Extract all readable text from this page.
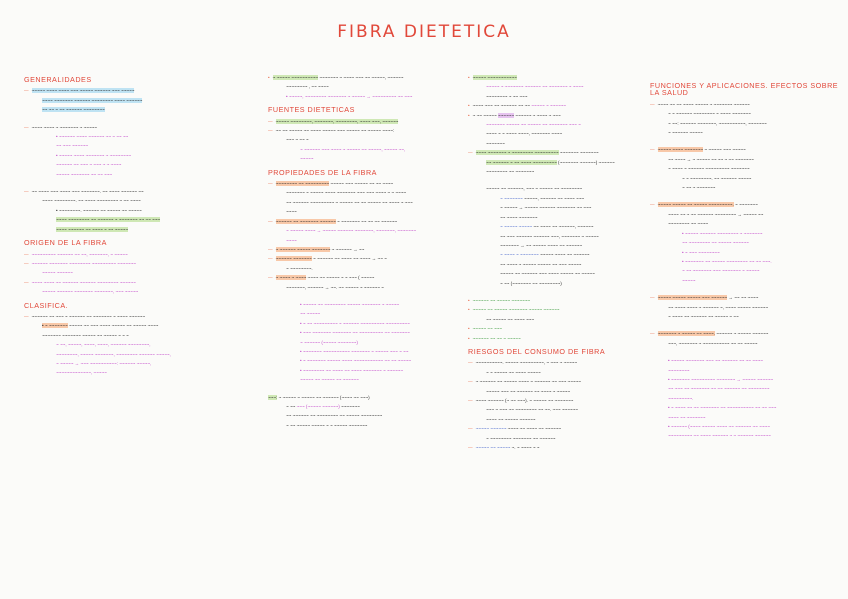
FIBRA DIETETICA
GENERALIDADES
— ~~~~~ ~~~~ ~~~~ ~~~ ~~~~~ ~~~~~~ ~~~ ~~~~~
~~~~ ~~~~~~~ ~~~~~~ ~~~~~~~~ ~~~~ ~~~~~~
~~ ~~ ~ ~~ ~~~~~~ ~~~~~~~~
— ~~~~ ~~~~ ~ ~~~~~~~ ~ ~~~~~
• ~~~~~~ ~~~~ ~~~~~~ ~~ ~ ~~ ~~
~~ ~~~ ~~~~~~
• ~~~~~ ~~~~ ~~~~~~~ ~ ~~~~~~~~
~~~~~~ ~~ ~~~ ~ ~~~ ~ ~ ~~~~
~~~~~ ~~~~~~~ ~~ ~~ ~~~
— ~~ ~~~~ ~~~ ~~~~ ~~~ ~~~~~~~. ~~ ~~~~ ~~~~~~ ~~
~~~~ ~~~~~~~~. ~~ ~~~~ ~~~~~~~~ ~ ~~ ~~~~
• ~~~~~~~~. ~~~~~~ ~~ ~~~~~ ~~ ~~~~~
~~~~ ~~~~~~~~ ~~ ~~~~~~ ~ ~~~~~~~ ~~ ~~ ~~~
~~~~ ~~~~~~ ~~ ~~~~ ~ ~~ ~~~~~
ORIGEN DE LA FIBRA
— ~~~~~~~~~ ~~~~~~ ~~ ~~, ~~~~~~~, ~ ~~~~~
— ~~~~~~ ~~~~~~~ ~~~~~~~~ ~~~~~~~~~ ~~~~~~~
~~~~~ ~~~~~~
— ~~~~ ~~~~ ~~ ~~~~~~ ~~~~~~ ~~~~~~~~ ~~~~~~
~~~~~ ~~~~~~ ~~~~~~~ ~~~~~~~, ~~~ ~~~~~
CLASIFICA.
— ~~~~~~ ~~ ~~~ ~ ~~~~~~ ~~ ~~~~~~~ ~ ~~~~ ~~~~~~
• ~ ~~~~~~~ ~~~~~ ~~ ~~~ ~~~~ ~~~~~ ~~ ~~~~~ ~~~~
~~~~~~~ ~~~~~~~ ~~~~~ ~~ ~~~~~ ~ ~ ~
~ ~~, ~~~~~, ~~~~, ~~~~, ~~~~~~ ~~~~~~~~,
~~~~~~~~, ~~~~~ ~~~~~~~, ~~~~~~~~ ~~~~~~ ~~~~~,
~ ~~~~~ → ~~~ ~~~~~~~~~~: ~~~~~~ ~~~~~,
~~~~~~~~~~~~~, ~~~~~
• ~ ~~~~~ ~~~~~~~~~~ ~~~~~~~ ~ ~~~~ ~~~ ~~ ~~~~~, ~~~~~~
~~~~~~~~ , ~~ ~~~~
• ~~~~~, ~~~~~~~~ ~~~~~~~ ~ ~~~~~ → ~~~~~~~~~ ~~ ~~~
FUENTES DIETETICAS
— ~~~~~ ~~~~~~~~, ~~~~~~~, ~~~~~~~~, ~~~~ ~~~, ~~~~~~
— ~~ ~~ ~~~~~ ~~ ~~~~ ~~~~~ ~~~ ~~~~~ ~~ ~~~~~ ~~~~:
~~~ ~ ~~ ~
~ ~~~~~~ ~~~ ~~~~ ~ ~~~~~ ~~ ~~~~~, ~~~~~ ~~,
~~~~~
PROPIEDADES DE LA FIBRA
— ~~~~~~~~ ~~ ~~~~~~~~~ ~~~~~ ~~~ ~~~~~ ~~ ~~ ~~~~
~~~~~~~ ~ ~~~~~ ~~~~ ~~~~~~~ ~~~ ~~~ ~~~~ ~ ~ ~~~~
~~ ~~~~~~ ~~~~~~~~~ ~ ~~~~~ ~~ ~~ ~~~~~ ~~ ~~~~ ~ ~~~
~~~~
— ~~~~~~ ~~ ~~~~~~~ ~~~~~~ ~ ~~~~~~~ ~~ ~~ ~~ ~~~~~~
~ ~~~~~ ~~~~ → ~~~~~ ~~~~~~ ~~~~~~~, ~~~~~~~, ~~~~~~~
~~~~
— ~ ~~~~~~ ~~~~~ ~~~~~~~ ~ ~~~~~~ → ~~
— ~~~~~~ ~~~~~~~ ~ ~~~~~~ ~~ ~~~~ ~~ ~~~~ → ~~ ~
~ ~~~~~~~~.
— ~ ~~~~ ~ ~~~~ ~~~~ ~~ ~~~~~ ~ ~ ~~~ ( ~~~~~
~~~~~~~, ~~~~~~ → ~~. ~~ ~~~~~ ~ ~~~~~~ ~
• ~~~~~ ~~ ~~~~~~~~ ~~~~~ ~~~~~~~ ~ ~~~~~
~~ ~~~~~
• ~ ~~ ~~~~~~~~~ ~ ~~~~~~ ~~~~~~~~~ ~~~~~~~~~
• ~~~ ~~~~~~~ ~~~~~~~ ~~ ~~~~~~~~~ ~~ ~~~~~~~
~ ~~~~~~ (~~~~~ ~~~~~~~)
• ~~~~~~~ ~~~~~~~~~~ ~~~~~~~ ~ ~~~~~ ~~~ ~ ~~
• ~ ~~~~~~~ ~~~~~ ~~~~ ~~~~~~~~~~~ ~~ ~~ ~~~~~
• ~~~~~~~~ ~~ ~~~~ ~~ ~~~~ ~~~~~~~ ~ ~~~~~~
~~~~~ ~~ ~~~~~ ~~ ~~~~~~
~~~: ~ ~~~~~ ~ ~~~~~ ~~ ~~~~~~ (~~~~ ~~ ~~~)
~ ~~ ~~~ (~~~~~ ~~~~~~) ~~~~~~~
~~ ~~~~~~ ~~ ~~~~~~~~ ~~ ~~~~~ ~~~~~~~~
~ ~~ ~~~~~ ~~~~~ ~ ~ ~~~~~ ~~~~~~~
• ~~~~~ ~~~~~~~~~~~
~~~~~ ~ ~~~~~~~ ~~~~~~ ~~ ~~~~~~~ ~ ~~~~
~~~~~~~~ ~ ~~ ~~~
• ~~~~ ~~~ ~~ ~~~~~~ ~~ ~~ ~~~~~ ~ ~~~~~~
• ~ ~~ ~~~~~ ~~~~~~ ~~~~~~ ~ ~~~~ ~ ~~~
~~~~~~~ ~~~~~ ~~ ~~~~~ ~~ ~~~~~~~ ~~~ ~
~~~~ ~ ~ ~~~~ ~~~~, ~~~~~~~ ~~~~
~~~~~~~
— ~~~~ ~~~~~~~ ~ ~~~~~~~~ ~~~~~~~~~ ~~~~~~~ ~~~~~~~
~~ ~~~~~~ ~ ~~ ~~~~ ~~~~~~~~~ (~~~~~~~ ~~~~~~) ~~~~~~
~~~~~~~~ ~~ ~~~~~~~
~~~~~ ~~ ~~~~~~, ~~~ ~ ~~~~~ ~~ ~~~~~~~~
~ ~~~~~~~ ~~~~~, ~~~~~~ ~~ ~~~~ ~~~
~ ~~~~~ → ~~~~~ ~~~~~~ ~~~~~~~ ~~ ~~~
~~ ~~~~ ~~~~~~~
~ ~~~~~ ~~~~~ ~~ ~~~~ ~~ ~~~~~~, ~~~~~~
~~ ~~~ ~~~~~~ ~~~~~~ ~~~, ~~~~~~~ ~ ~~~~~
~~~~~~~ → ~~ ~~~~~ ~~~~ ~~ ~~~~~~
~ ~~~~ ~ ~~~~~~~ ~~~~~ ~~~~ ~~ ~~~~~~
~~ ~~~~ ~ ~~~~~ ~~~~~ ~~ ~~~ ~~~~~
~~~~~ ~~ ~~~~~~ ~~~ ~~~~ ~~~~~ ~~ ~~~~~
~ ~~ (~~~~~~~ ~~ ~~~~~~~~)
• ~~~~~~ ~~ ~~~~~ ~~~~~~~
• ~~~~~ ~~ ~~~~~ ~~~~~~~ ~~~~~ ~~~~~~
~~ ~~~~~ ~~ ~~~~ ~~~
• ~~~~~ ~~ ~~~
• ~~~~~~ ~~ ~~ ~ ~~~~~
RIESGOS DEL CONSUMO DE FIBRA
— ~~~~~~~~~~. ~~~~~ ~~~~~~~~~, ~ ~~~ ~ ~~~~~
~ ~ ~~~~~ ~~ ~~~~ ~~~~~
— ~ ~~~~~~ ~~ ~~~~~ ~~~~ ~ ~~~~~~ ~~ ~~~ ~~~~~
~~~~~ ~~~ ~~ ~~~~~~ ~~ ~~~~ ~ ~~~~~
— ~~~~ ~~~~~~ (~ ~~ ~~~). ~ ~~~~~ ~~ ~~~~~~~
~~~ ~ ~~~ ~~ ~~~~~~~~ ~~ ~~. ~~~ ~~~~~~
~~~~ ~~ ~~~~~ ~~~~~~
— ~~~~~ ~~~~~~ ~~~~ ~~ ~~~~ ~~ ~~~~~~
~ ~~~~~~~~ ~~~~~~~ ~~ ~~~~~~
— ~~~~~ ~~ ~~~~~ ~. ~ ~~~~ ~ ~
FUNCIONES Y APLICACIONES. EFECTOS SOBRE LA SALUD
— ~~~~ ~~ ~~ ~~~~ ~~~~~ ~ ~~~~~~~ ~~~~~~
~ ~ ~~~~~~ ~~~~~~~~ ~ ~~~~ ~~~~~~~
~ ~~: ~~~~~~ ~~~~~~~, ~~~~~~~~~~, ~~~~~~~
~ ~~~~~~ ~~~~~
— ~~~~~ ~~~~ ~~~~~~~ ~ ~~~~~ ~~~ ~~~~~
~~ ~~~~ → ~ ~~~~~ ~~ ~~ ~ ~~ ~~~~~~~
~ ~~~~ ~ ~~~~~~ ~~~~~~~~~ ~~~~~~~
~ ~ ~~~~~~~~. ~~ ~~~~~~ ~~~~~
~ ~~ ~ ~~~~~~~
— ~~~~~ ~~~~~ ~~ ~~~~~ ~~~~~~~~~. ~ ~~~~~~~
~~~~ ~~ ~ ~~ ~~~~~~ ~~~~~~~~ → ~~~~~ ~~
~~~~~~~~ ~~ ~~~~
• ~~~~~ ~~~~~~ ~~~~~~~~ ~ ~~~~~~~
~~ ~~~~~~~~ ~~ ~~~~~ ~~~~~~
• ~ ~~~ ~~~~~~~~
• ~~~~~~~ ~~ ~~~~~ ~~~~~~~~ ~~ ~~ ~~~.
~ ~~ ~~~~~~~ ~~~ ~~~~~~~ ~ ~~~~~
~~~~~
— ~~~~~ ~~~~~ ~~~~~ ~~~ ~~~~~~ → ~~ ~~ ~~~~
~~ ~~~~ ~~~~ ~ ~~~~~~ ~, ~~~~ ~~~~~ ~~~~~~
~ ~~~~ ~~ ~~~~~~ ~~ ~~~~~ ~ ~~
— ~~~~~~~ ~ ~~~~~ ~~ ~~~~. ~~~~~~ ~ ~~~~~ ~~~~~~
~~~, ~~~~~~~ ~ ~~~~~~~~~~ ~~ ~~ ~~~~~
• ~~~~~ ~~~~~~~ ~~~ ~~ ~~~~~~ ~~ ~~ ~~~~
~~~~~~~~
• ~~~~~~~ ~~~~~~~~~ ~~~~~~~ → ~~~~~ ~~~~~~
~~ ~~~ ~~ ~~~~~~~ ~~ ~~ ~~~~~~ ~~ ~~~~~~~~
~~~~~~~~~.
• ~ ~~~~ ~~ ~~ ~~~~~~~ ~~ ~~~~~~~~~~ ~~ ~~ ~~~
~~~~ ~~ ~~~~~~~
• ~~~~~~ (~~~~ ~~~~~ ~~~~ ~~ ~~~~~~ ~~ ~~~~
~~~~~~~~~ ~~ ~~~~ ~~~~~~ ~ ~ ~~~~~~ ~~~~~~
